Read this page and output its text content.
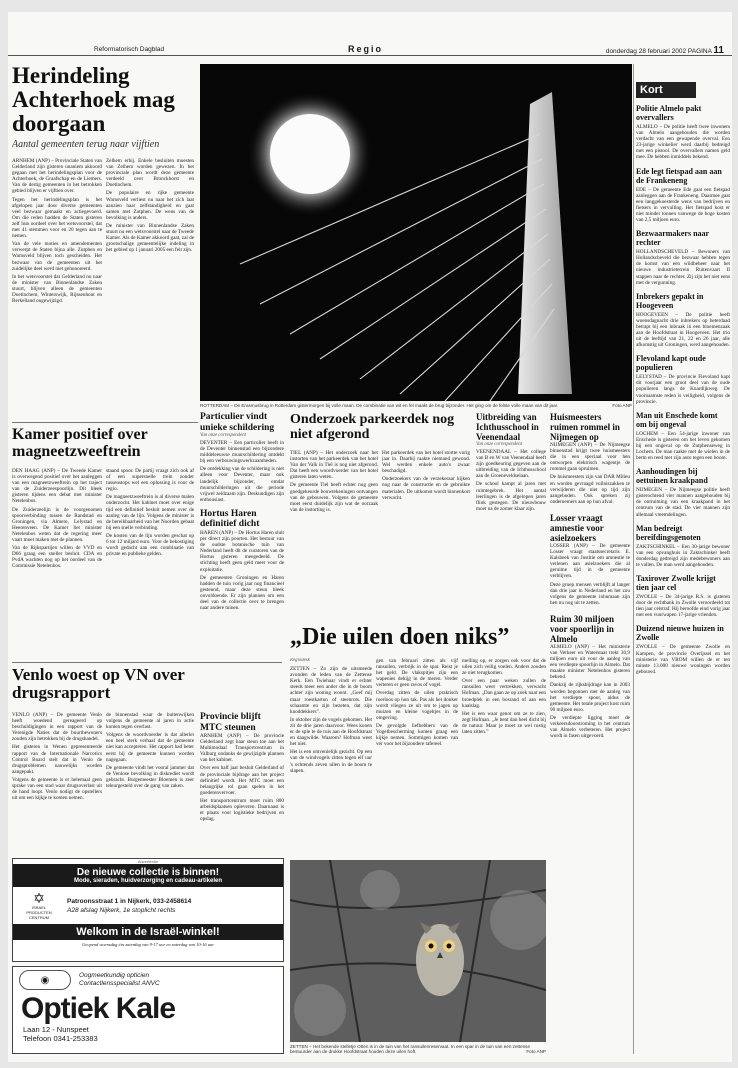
Reformatorisch Dagblad	Regio	donderdag 28 februari 2002 PAGINA 11
Herindeling Achterhoek mag doorgaan
Aantal gemeenten terug naar vijftien

ARNHEM (ANP) – Provinciale Staten van Gelderland zijn gisteren unaniem akkoord gegaan met het herindelingsplan voor de Achterhoek, de Graafschap en de Liemers. Van de dertig gemeenten in het betrokken gebied blijven er vijftien over.

Tegen het herindelingsplan is het afgelopen jaar door diverse gemeenten veel bezwaar gemaakt en actiegevoerd. Om die reden hadden de Staten gisteren zelf hun oordeel over het wetsvoorstel, dat met 41 stemmen voor en 20 tegen aan te nemen.

Van de vele moties en amendementen verwerpt de Staten bijna alle. Zutphen en Warnsveld blijven toch gescheiden. Het bezwaar van de gemeenten uit het zuidelijke deel werd niet gehonoreerd.

In het wetsvoorstel dat Gelderland nu naar de minister van Binnenlandse Zaken stuurt, blijven alleen de gemeenten Doetinchem, Winterswijk, Rijssenhout en Berkelland ongewijzigd.

Zelhem erbij. Enkele besluiten moesten van Zelhem worden gewezen. In het provinciale plan wordt deze gemeente verdeeld over Bronckhorst en Doetinchem.

De populaire en rijke gemeente Warnsveld verliest nu naar het zich laat aanzien haar zelfstandigheid en gaat samen met Zutphen. De wens van de bevolking is anders.

De minister van Binnenlandse Zaken stuurt nu een wetsvoorstel naar de Tweede Kamer. Als de Kamer akkoord gaat, zal de grootschalige gemeentelijke indeling in het gebied op 1 januari 2005 een feit zijn.

ROTTERDAM – De Erasmusbrug in Rotterdam gistermorgen bij volle maan. De combinatie van wit en fel maakt de brug bijzonder. Het ging om de felste volle maan van dit jaar.	Foto ANP
Kort
Politie Almelo pakt overvallers
ALMELO – De politie heeft twee inwoners van Almelo aangehouden die worden verdacht van een gewapende overval. Een 23-jarige winkelier werd daarbij bedreigd met een pistool. De overvallers namen geld mee. De hebben inmiddels bekend.
Ede legt fietspad aan aan de Frankeneng
EDE – De gemeente Ede gaat een fietspad aanleggen aan de Frankeneng. Daarmee gaat een langgekoesterde wens van bedrijven en fietsers in vervulling. Het fietspad kost er niet minder tonnen vanwege de hoge kosten van 2,5 miljoen euro.
Bezwaarmakers naar rechter
HOLLANDSCHEVELD – Bewoners van Hollandscheveld die bezwaar hebben tegen de komst van een wildbeheer naar het nieuwe industrieterrein Ruitenvaart II stappen naar de rechter. Zij zijn het niet eens met de vergunning.
Inbrekers gepakt in Hoogeveen
HOOGEVEEN – De politie heeft woensdagnacht drie inbrekers op heterdaad betrapt bij een inbraak in een bloemenzaak aan de Hoofdstraat in Hoogeveen. Het trio uit de leeftijd van 21, 22 en 26 jaar, alle afkomstig uit Groningen, werd aangehouden.
Flevoland kapt oude populieren
LELYSTAD – De provincie Flevoland kapt dit voorjaar een groot deel van de oude populieren langs de Knardijkweg. De voornaamste reden is veiligheid, volgens de provincie.
Man uit Enschede komt om bij ongeval
LOCHEM – Een 54-jarige inwoner van Enschede is gisteren om het leven gekomen bij een ongeval op de Zutphenseweg in Lochem. De man raakte met de wielen in de berm en reed met zijn auto tegen een boom.
Aanhoudingen bij oettuinen kraakpand
NIJMEGEN – De Nijmeegse politie heeft gisterochtend vier mannen aangehouden bij de ontruiming van een kraakpand in het centrum van de stad. De vier mannen zijn allemaal vreemdelingen.
Man bedreigt bereifdingsgenoten
ZAKTSCHINKEL – Een 30-jarige bewoner van een opvanghuis in Zaktschinkel heeft donderdag gedreigd zijn medebewoners aan te vallen. De man werd aangehouden.
Taxirover Zwolle krijgt tien jaar cel
ZWOLLE – De 34-jarige R.S. is gisteren door de rechtbank in Zwolle veroordeeld tot tien jaar celstraf. Hij beroofde eind vorig jaar met een vuurwapen 17-jarige vrienden.
Duizend nieuwe huizen in Zwolle
ZWOLLE – De gemeente Zwolle en Kampen, de provincie Overijssel en het ministerie van VROM willen de er ten minste 13.000 nieuwe woningen worden gebouwd.
Kamer positief over magneetzweeftrein

DEN HAAG (ANP) – De Tweede Kamer is overwegend positief over het aanleggen van een magneetzweeftrein op het traject van de Zuiderzeespoorlijn. Dit bleek gisteren tijdens een debat met minister Netelenbos.

De Zuiderzeelijn is de voorgenomen spoorverbinding tussen de Randstad en Groningen, via Almere, Lelystad en Heerenveen. De Kamer liet minister Netelenbos weten dat de regering meer vaart moet maken met de plannen.

Van de Rijkspartijen willen de VVD en D66 graag een sneller besluit. CDA en PvdA wachten nog op het oordeel van de Commissie Netelenbos.

staand spoor. De partij vraagt zich ook af of een supersnelle trein zonder tussenstops wel een oplossing is voor de regio.

De magneetzweeftrein is al diverse malen onderzocht. Het kabinet moet over enige tijd een definitief besluit nemen over de aanleg van de lijn. Volgens de minister is de bereikbaarheid van het Noorden gebaat bij een snelle verbinding.

De kosten van de lijn worden geschat op 6 tot 12 miljard euro. Voor de bekostiging wordt gedacht aan een combinatie van private en publieke gelden.

Particulier vindt unieke schildering
Van onze correspondent

DEVENTER – Een particulier heeft in de Deventer binnenstad een bijzondere middeleeuwse muurschildering ontdekt bij een verbouwingswerkzaamheden.

De ontdekking van de schildering is niet alleen voor Deventer, maar ook landelijk bijzonder, omdat muurschilderingen uit die periode vrijwel zeldzaam zijn. Deskundigen zijn enthousiast.

Hortus Haren definitief dicht

HAREN (ANP) – De Hortus Haren sluit per direct zijn poorten. Het bestuur van de oudste botanische tuin van Nederland heeft dit de curatoren van de Hortus gisteren meegedeeld. De stichting heeft geen geld meer voor de exploitatie.

De gemeenten Groningen en Haren hadden de tuin vorig jaar nog financieel gesteund, maar deze steun bleek onvoldoende. Er zijn plannen om een deel van de collectie over te brengen naar andere tuinen.

Onderzoek parkeerdek nog niet afgerond

TIEL (ANP) – Het onderzoek naar het instorten van het parkeerdek van het hotel Van der Valk in Tiel is nog niet afgerond. Dat heeft een woordvoerder van het hotel gisteren laten weten.

De gemeente Tiel heeft echter nog geen goedgekeurde bouwtekeningen ontvangen van de gebouwen. Volgens de gemeente moet eerst duidelijk zijn wat de oorzaak van de instorting is.

Het parkeerdek van het hotel stortte vorig jaar in. Daarbij raakte niemand gewond. Wel werden enkele auto's zwaar beschadigd.

Onderzoekers van de verzekeraar kijken nog naar de constructie en de gebruikte materialen. De uitkomst wordt binnenkort verwacht.

Uitbreiding van Ichthusschool in Veenendaal
Van onze correspondent

VEENENDAAL – Het college van B en W van Veenendaal heeft zijn goedkeuring gegeven aan de uitbreiding van de Ichthusschool aan de Groeneveldselaan.

De school kampt al jaren met ruimtegebrek. Het aantal leerlingen is de afgelopen jaren flink gestegen. De nieuwbouw moet na de zomer klaar zijn.

Huismeesters ruimen rommel in Nijmegen op

NIJMEGEN (ANP) – De Nijmeegse binnenstad krijgt twee huismeesters die in een speciaal voor hen ontworpen elektrisch wagentje de rommel gaan opruimen.

De huismeesters zijn van DAR Milieu en worden gevraagd vuilniszakken te verwijderen die niet op tijd zijn aangeboden. Ook spreken zij ondernemers aan op hun afval.

Losser vraagt amnestie voor asielzoekers

LOSSER (ANP) – De gemeente Losser vraagt staatssecretaris E. Kalsbeek van Justitie om amnestie te verlenen aan asielzoekers die al geruime tijd in de gemeente verblijven.

Deze groep mensen verblijft al langer dan drie jaar in Nederland en het zou volgens de gemeente inhumaan zijn hen nu nog uit te zetten.

Ruim 30 miljoen voor spoorlijn in Almelo

ALMELO (ANP) – Het ministerie van Verkeer en Waterstaat trekt 30,9 miljoen euro uit voor de aanleg van een verdiepte spoorlijn in Almelo. Dat maakte minister Netelenbos gisteren bekend.

Dankzij de rijksbijdrage kan in 2003 worden begonnen met de aanleg van het verdiepte spoor, aldus de gemeente. Het totale project kost ruim 90 miljoen euro.

De verdiepte ligging moet de verkeersdoorstroming in het centrum van Almelo verbeteren. Het project wordt in fasen uitgevoerd.

„Die uilen doen niks”
Regiodesk

ZETTEN – Zo zijn de uitsmeede avonden de leden van de Zettense Kerk. Een Twiehaar vindt er echter steeds meer een ander die in de boom achter zijn woning woont. „Geef mij maar roestkarton of steenrots. Die schaamte en zijn bezeten, dat zijn knoddekkers”.

In oktober zijn de vogels gekomen. Het zit de drie jaren daarvoor. Wees konen er de spie te de ruis aan de Hoofdstraat en daagwilde. Waarom? Hofman weet het niet.

Het is een omvenielijk gezicht. Op een van de windvogels zitten tegen elf uur 's ochtends zeven uilen in de boom te slapen.

gen van februari zitten als vijf ransuilen, verbrijk in de spar. Reist je het geld. De vlakspitjes zijn een wapenies dehijg in de meren. Verder verteren er geen ravos of vogel.

Overdag zitten de uilen praktisch roerloos op hun tak. Pas als het donker wordt vliegen ze uit om te jagen op muizen en kleine vogeltjes in de omgeving.

De gevolgde liefhebbers van de Vogelbescherming komen graag een kijkje nemen. Sommigen komen van ver voor het bijzondere tafereel.

melling op, er zorgen ook voor dat de uilen zich veilig voelen. Anders zouden ze niet terugkomen.

Over een paar weken zullen de ransuilen weer vertrekken, verwacht Hofman. „Dan gaan ze op zoek naar een broedplek in een bosrand of aan een kaalslag.

Het is een waar genot om ze te zien, zegt Hofman. „Je bent dan heel dicht bij de natuur. Maar je moet ze wel rustig laten zitten.”

Venlo woest op VN over drugsrapport

VENLO (ANP) – De gemeente Venlo heeft woedend gereageerd op beschuldigingen in een rapport van de Verenigde Naties dat de buurtbewoners zouden zijn betrokken bij de drugshandel.

Het gisteren in Wenen gepresenteerde rapport van de Internationale Narcotics Control Board stelt dat in Venlo de drugsproblemen nauwelijks worden aangepakt.

Volgens de gemeente is er helemaal geen sprake van een stad waar drugsoverlast uit de hand loopt. Venlo nodigt de opstellers uit om een kijkje te komen nemen.

de binnenstad waar de buitenwijken volgens de gemeente al jaren in actie komen tegen overlast.

Volgens de woordvoerder is dat allerlei een heel sterk verhaal dat de gemeente niet kan accepteren. Het rapport had beter eerst bij de gemeente kunnen worden nagegaan.

De gemeente vindt het vooral jammer dat de Venlose bevolking in diskrediet wordt gebracht. Burgemeester Bloemen is zeer teleurgesteld over de gang van zaken.

Provincie blijft MTC steunen

ARNHEM (ANP) – De provincie Gelderland zegt haar steun toe aan het Multimodaal Transportcentrum in Valburg ondanks de gewijzigde plannen van het kabinet.

Over een half jaar besluit Gelderland of de provinciale bijdrage aan het project definitief wordt. Het MTC moet een belangrijke rol gaan spelen in het goederenvervoer.

Het transportcentrum moet ruim 800 arbeidsplaatsen opleveren. Daarnaast is er plaats voor logistieke bedrijven en opslag.

ZETTEN – Het bekende stelletje Otten is in de tuin van het ransuilenreservaat. In een spar in de tuin van een zettense bestuurder aan de drukke Hoofdstraat houden deze uilen hoft.	Foto ANP
Advertentie
De nieuwe collectie is binnen!
Mode, sieraden, huidverzorging en cadeau-artikelen
✡
ISRAEL PRODUCTEN CENTRUM
Patroonsstraat 1 in Nijkerk, 033-2458614
A28 afslag Nijkerk, 1e stoplicht rechts
Welkom in de Israël-winkel!
Geopend woensdag t/m zaterdag van 9-17 uur en zaterdag van 10-16 uur
◉	Oogmeetkundig opticien
Contactlensspecialist ANVC
Optiek Kale
Laan 12 - Nunspeet
Telefoon 0341-253383
